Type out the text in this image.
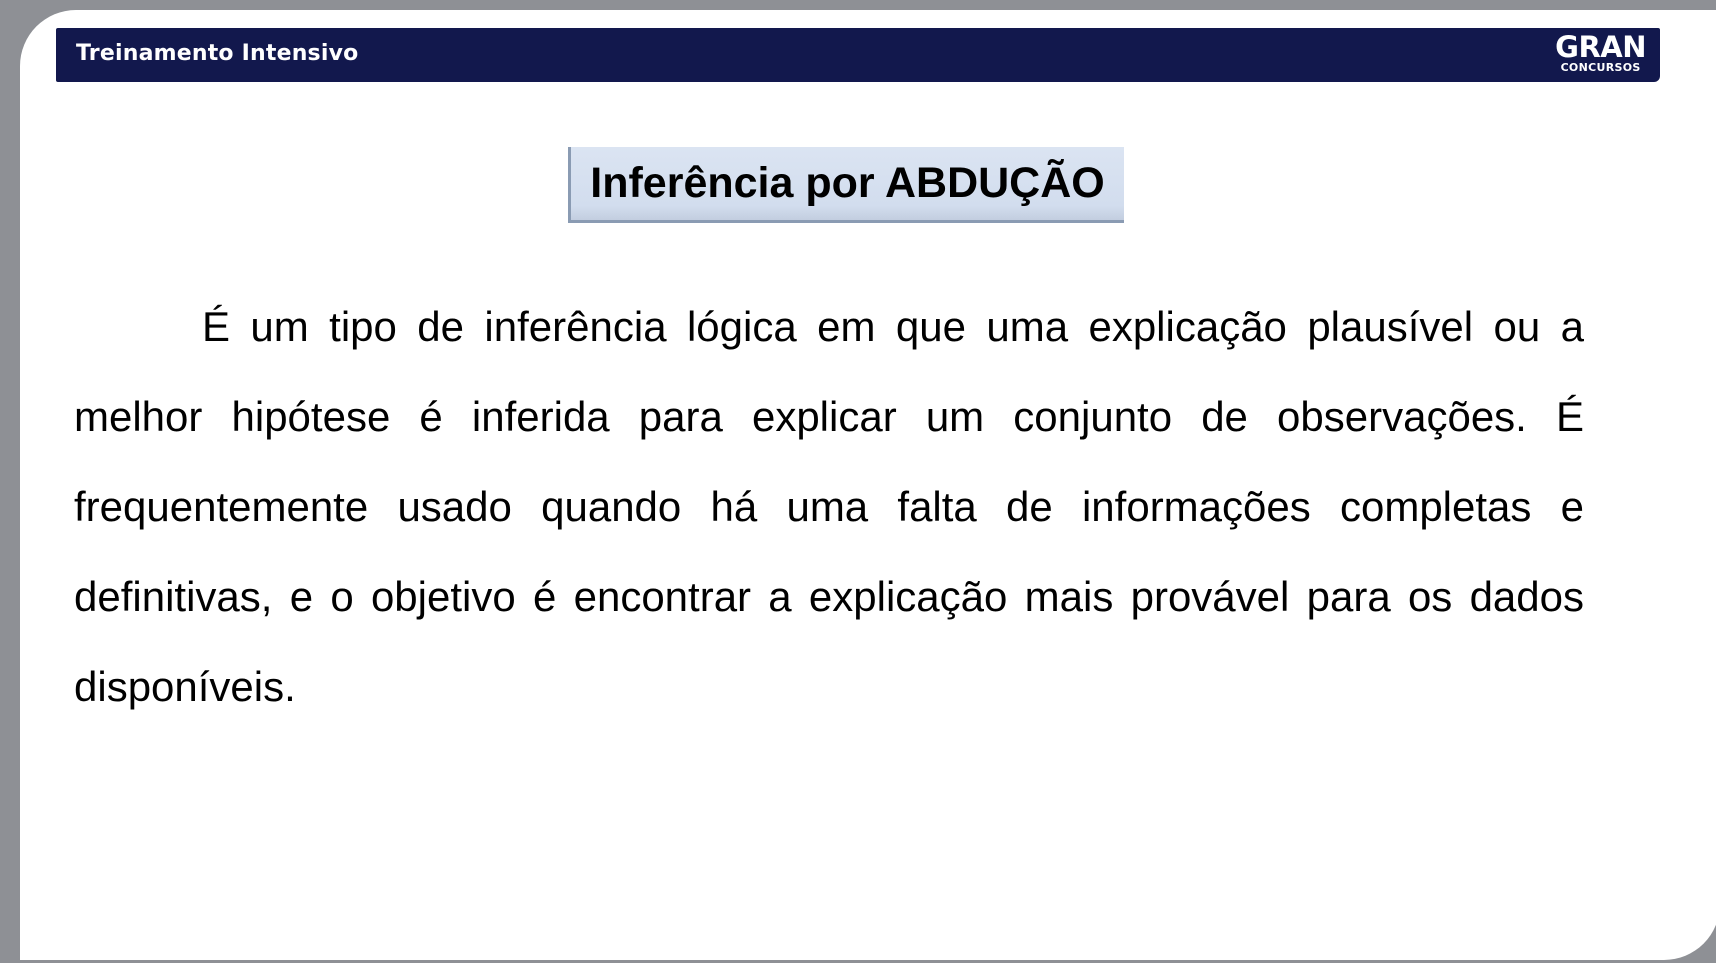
Treinamento Intensivo	GRAN
CONCURSOS
Inferência por ABDUÇÃO

É um tipo de inferência lógica em que uma explicação plausível ou a melhor hipótese é inferida para explicar um conjunto de observações. É frequentemente usado quando há uma falta de informações completas e definitivas, e o objetivo é encontrar a explicação mais provável para os dados disponíveis.
